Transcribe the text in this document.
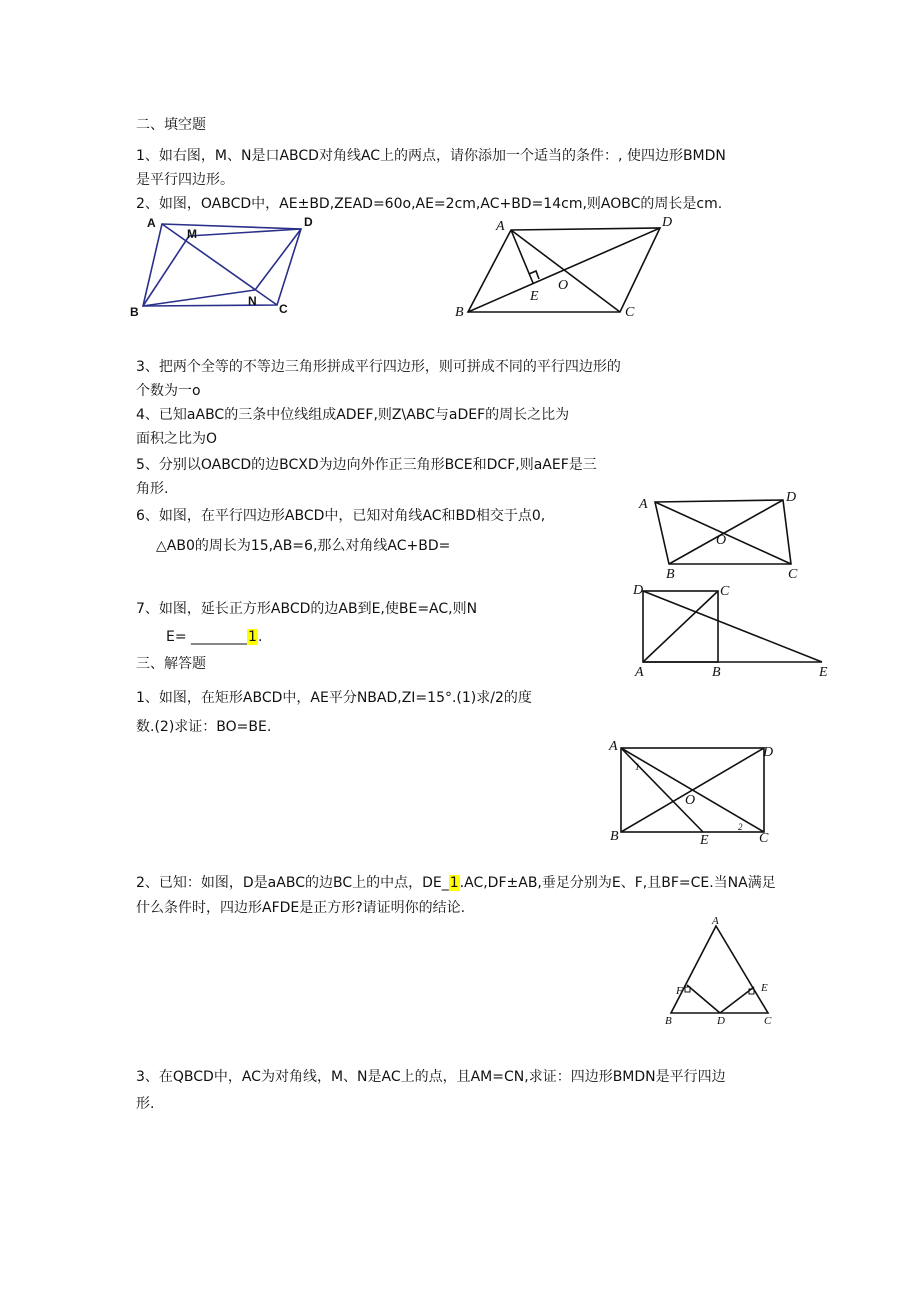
二、填空题
1、如右图，M、N是口ABCD对角线AC上的两点，请你添加一个适当的条件：, 使四边形BMDN
是平行四边形。
2、如图，OABCD中，AE±BD,ZEAD=60o,AE=2cm,AC+BD=14cm,则AOBC的周长是cm.
A
M
D
B
N
C
A	D
E
O
B	C
3、把两个全等的不等边三角形拼成平行四边形，则可拼成不同的平行四边形的
个数为一o
4、已知aABC的三条中位线组成ADEF,则Z\ABC与aDEF的周长之比为
面积之比为O
5、分别以OABCD的边BCXD为边向外作正三角形BCE和DCF,则aAEF是三
角形.
6、如图，在平行四边形ABCD中，已知对角线AC和BD相交于点0,
△AB0的周长为15,AB=6,那么对角线AC+BD=
A	D
O
B	C
7、如图，延长正方形ABCD的边AB到E,使BE=AC,则N
E= ________1.
D	C
A	B	E
三、解答题
1、如图，在矩形ABCD中，AE平分NBAD,ZI=15°.(1)求/2的度
数.(2)求证：BO=BE.
A	D
O
B	E	C
1
2
2、已知：如图，D是aABC的边BC上的中点，DE_1.AC,DF±AB,垂足分别为E、F,且BF=CE.当NA满足
什么条件时，四边形AFDE是正方形?请证明你的结论.
A
F	E
B	D	C
3、在QBCD中，AC为对角线，M、N是AC上的点，且AM=CN,求证：四边形BMDN是平行四边
形.
